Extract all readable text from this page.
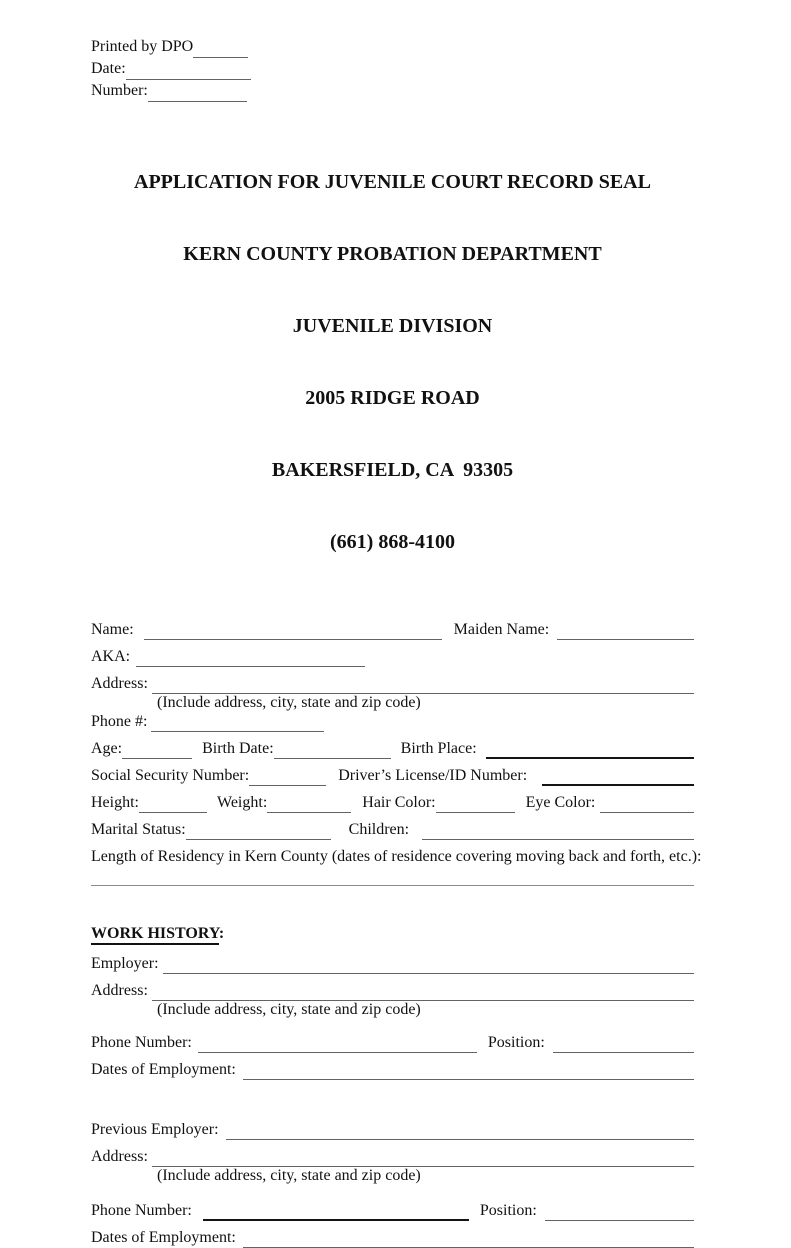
Printed by DPO
Date:
Number:

APPLICATION FOR JUVENILE COURT RECORD SEAL

KERN COUNTY PROBATION DEPARTMENT

JUVENILE DIVISION

2005 RIDGE ROAD

BAKERSFIELD, CA  93305

(661) 868-4100

Name:	Maiden Name:
AKA:
Address:
(Include address, city, state and zip code)
Phone #:
Age:	Birth Date:	Birth Place:
Social Security Number:	Driver’s License/ID Number:
Height:	Weight:	Hair Color:	Eye Color:
Marital Status:	Children:
Length of Residency in Kern County (dates of residence covering moving back and forth, etc.):
WORK HISTORY:
Employer:
Address:
(Include address, city, state and zip code)
Phone Number:	Position:
Dates of Employment:
Previous Employer:
Address:
(Include address, city, state and zip code)
Phone Number:	Position:
Dates of Employment:
